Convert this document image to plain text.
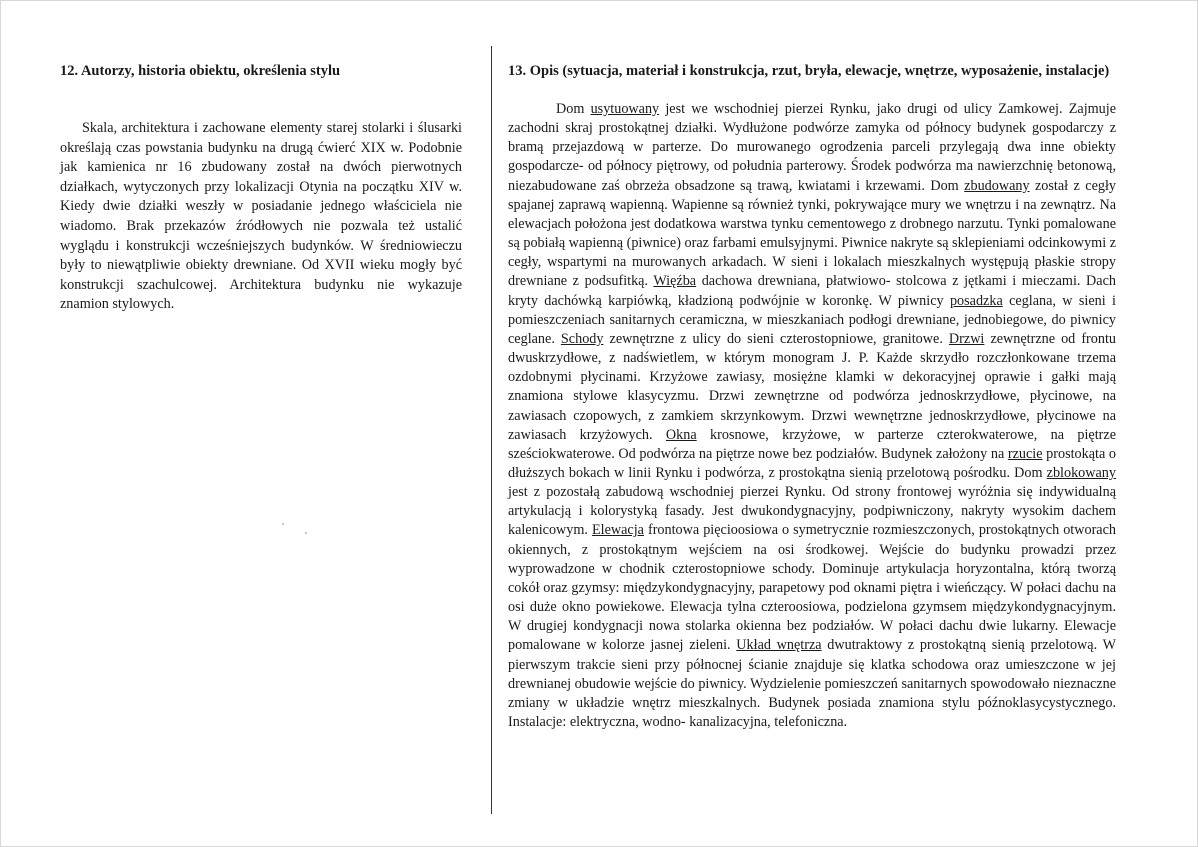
12. Autorzy, historia obiektu, określenia stylu

Skala, architektura i zachowane elementy starej stolarki i ślusarki określają czas powstania budynku na drugą ćwierć XIX w. Podobnie jak kamienica nr 16 zbudowany został na dwóch pierwotnych działkach, wytyczonych przy lokalizacji Otynia na początku XIV w. Kiedy dwie działki weszły w posiadanie jednego właściciela nie wiadomo. Brak przekazów źródłowych nie pozwala też ustalić wyglądu i konstrukcji wcześniejszych budynków. W średniowieczu były to niewątpliwie obiekty drewniane. Od XVII wieku mogły być konstrukcji szachulcowej. Architektura budynku nie wykazuje znamion stylowych.

13. Opis (sytuacja, materiał i konstrukcja, rzut, bryła, elewacje, wnętrze, wyposażenie, instalacje)

Dom usytuowany jest we wschodniej pierzei Rynku, jako drugi od ulicy Zamkowej. Zajmuje zachodni skraj prostokątnej działki. Wydłużone podwórze zamyka od północy budynek gospodarczy z bramą przejazdową w parterze. Do murowanego ogrodzenia parceli przylegają dwa inne obiekty gospodarcze- od północy piętrowy, od południa parterowy. Środek podwórza ma nawierzchnię betonową, niezabudowane zaś obrzeża obsadzone są trawą, kwiatami i krzewami. Dom zbudowany został z cegły spajanej zaprawą wapienną. Wapienne są również tynki, pokrywające mury we wnętrzu i na zewnątrz. Na elewacjach położona jest dodatkowa warstwa tynku cementowego z drobnego narzutu. Tynki pomalowane są pobiałą wapienną (piwnice) oraz farbami emulsyjnymi. Piwnice nakryte są sklepieniami odcinkowymi z cegły, wspartymi na murowanych arkadach. W sieni i lokalach mieszkalnych występują płaskie stropy drewniane z podsufitką. Więźba dachowa drewniana, płatwiowo- stolcowa z jętkami i mieczami. Dach kryty dachówką karpiówką, kładzioną podwójnie w koronkę. W piwnicy posadzka ceglana, w sieni i pomieszczeniach sanitarnych ceramiczna, w mieszkaniach podłogi drewniane, jednobiegowe, do piwnicy ceglane. Schody zewnętrzne z ulicy do sieni czterostopniowe, granitowe. Drzwi zewnętrzne od frontu dwuskrzydłowe, z nadświetlem, w którym monogram J. P. Każde skrzydło rozczłonkowane trzema ozdobnymi płycinami. Krzyżowe zawiasy, mosiężne klamki w dekoracyjnej oprawie i gałki mają znamiona stylowe klasycyzmu. Drzwi zewnętrzne od podwórza jednoskrzydłowe, płycinowe, na zawiasach czopowych, z zamkiem skrzynkowym. Drzwi wewnętrzne jednoskrzydłowe, płycinowe na zawiasach krzyżowych. Okna krosnowe, krzyżowe, w parterze czterokwaterowe, na piętrze sześciokwaterowe. Od podwórza na piętrze nowe bez podziałów. Budynek założony na rzucie prostokąta o dłuższych bokach w linii Rynku i podwórza, z prostokątna sienią przelotową pośrodku. Dom zblokowany jest z pozostałą zabudową wschodniej pierzei Rynku. Od strony frontowej wyróżnia się indywidualną artykulacją i kolorystyką fasady. Jest dwukondygnacyjny, podpiwniczony, nakryty wysokim dachem kalenicowym. Elewacja frontowa pięcioosiowa o symetrycznie rozmieszczonych, prostokątnych otworach okiennych, z prostokątnym wejściem na osi środkowej. Wejście do budynku prowadzi przez wyprowadzone w chodnik czterostopniowe schody. Dominuje artykulacja horyzontalna, którą tworzą cokół oraz gzymsy: międzykondygnacyjny, parapetowy pod oknami piętra i wieńczący. W połaci dachu na osi duże okno powiekowe. Elewacja tylna czteroosiowa, podzielona gzymsem międzykondygnacyjnym. W drugiej kondygnacji nowa stolarka okienna bez podziałów. W połaci dachu dwie lukarny. Elewacje pomalowane w kolorze jasnej zieleni. Układ wnętrza dwutraktowy z prostokątną sienią przelotową. W pierwszym trakcie sieni przy północnej ścianie znajduje się klatka schodowa oraz umieszczone w jej drewnianej obudowie wejście do piwnicy. Wydzielenie pomieszczeń sanitarnych spowodowało nieznaczne zmiany w układzie wnętrz mieszkalnych. Budynek posiada znamiona stylu późnoklasycystycznego. Instalacje: elektryczna, wodno- kanalizacyjna, telefoniczna.
